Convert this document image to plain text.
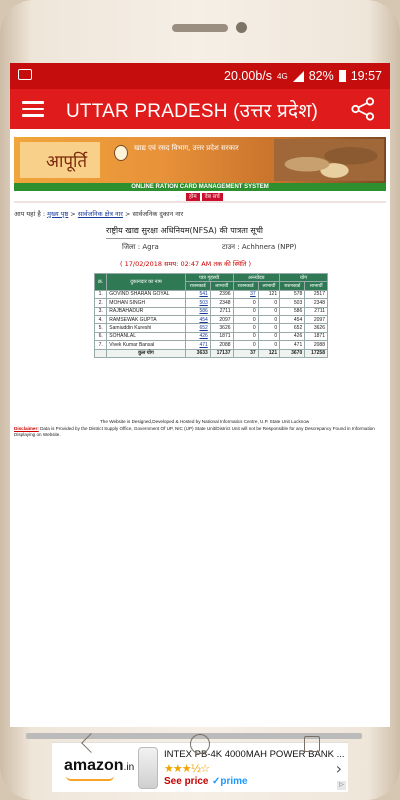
20.00b/s 4G 82% 19:57
UTTAR PRADESH (उत्तर प्रदेश)
आपूर्ति
खाद्य एवं रसद विभाग, उत्तर प्रदेश सरकार
ONLINE RATION CARD MANAGEMENT SYSTEM
होम	वेब सर्च
आप यहां है : मुख्य पृष्ठ > सार्वजनिक क्षेत्र नार > सार्वजनिक दुकान नार
राष्ट्रीय खाद्य सुरक्षा अधिनियम(NFSA) की पात्रता सूची
जिला : Agra	टाउन : Achhnera (NPP)
( 17/02/2018 समय: 02:47 AM तक की स्थिति )
क्र.	दुकानदार का नाम	पात्र गृहस्थी		अन्त्योदय		योग	
		राशनकार्ड	लाभार्थी	राशनकार्ड	लाभार्थी	राशनकार्ड	लाभार्थी
1.	GOVIND SHARAN GOYAL	541	2396	37	121	578	2517
2.	MOHAN SINGH	503	2348	0	0	503	2348
3.	RAJBAHADUR	586	2711	0	0	586	2711
4.	RAMSEWAK GUPTA	454	2097	0	0	454	2097
5.	Samiuddin Kureshi	652	3626	0	0	652	3626
6.	SOHANLAL	426	1871	0	0	426	1871
7.	Vivek Kumar Bansal	471	2088	0	0	471	2088
	कुल योग	3633	17137	37	121	3670	17258
The Website is Designed,Developed & Hosted by National Informatics Centre, U.P. State Unit Lucknow
Disclaimer: Data is Provided by the District Supply Office, Government Of UP, NIC (UP) State Unit/District Unit will not be Responsible for any Descrepancy Found in Information Displaying on Website.
amazon.in
INTEX PB-4K 4000MAH POWER BANK ...
★★★½☆
See price ✓prime
›
▷
